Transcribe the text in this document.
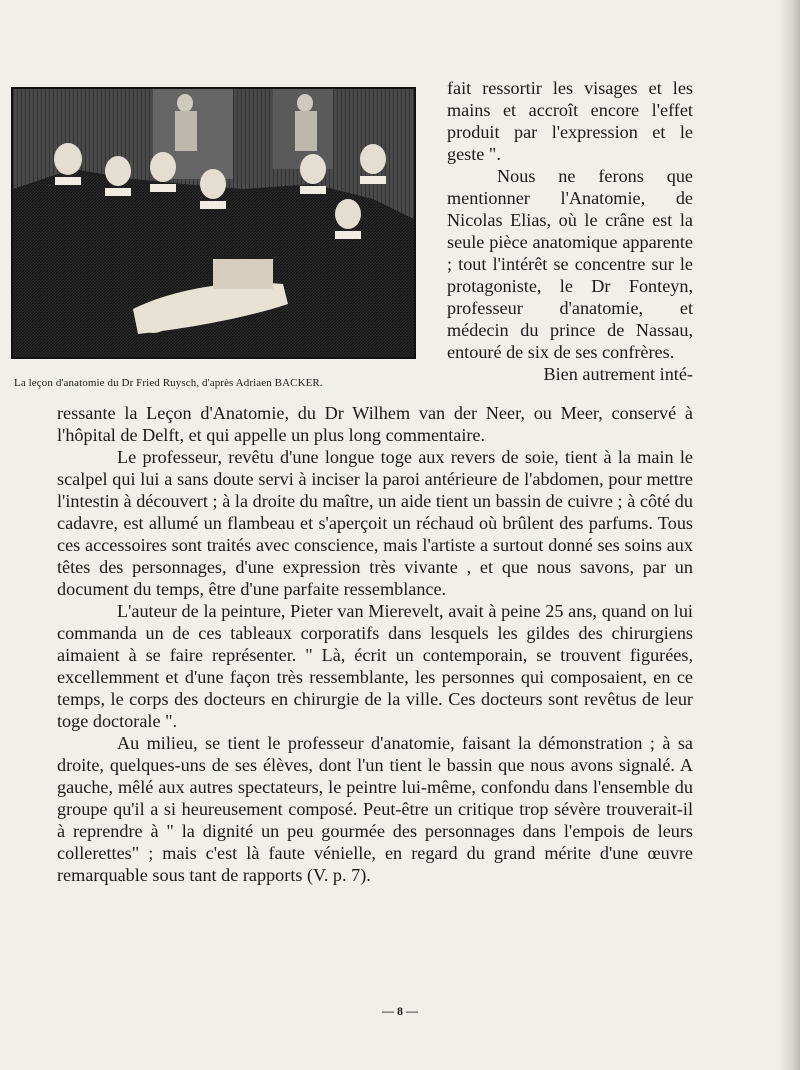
La leçon d'anatomie du Dr Fried Ruysch, d'après Adriaen BACKER.

fait ressortir les visages et les mains et accroît encore l'effet produit par l'expression et le geste ".

Nous ne ferons que mentionner l'Anatomie, de Nicolas Elias, où le crâne est la seule pièce anatomique apparente ; tout l'intérêt se concentre sur le protagoniste, le Dr Fonteyn, professeur d'anatomie, et médecin du prince de Nassau, entouré de six de ses confrères.

Bien autrement inté-

ressante la Leçon d'Anatomie, du Dr Wilhem van der Neer, ou Meer, conservé à l'hôpital de Delft, et qui appelle un plus long commentaire.

Le professeur, revêtu d'une longue toge aux revers de soie, tient à la main le scalpel qui lui a sans doute servi à inciser la paroi antérieure de l'abdomen, pour mettre l'intestin à découvert ; à la droite du maître, un aide tient un bassin de cuivre ; à côté du cadavre, est allumé un flambeau et s'aperçoit un réchaud où brûlent des parfums. Tous ces accessoires sont traités avec conscience, mais l'artiste a surtout donné ses soins aux têtes des personnages, d'une expression très vivante , et que nous savons, par un document du temps, être d'une parfaite ressemblance.

L'auteur de la peinture, Pieter van Mierevelt, avait à peine 25 ans, quand on lui commanda un de ces tableaux corporatifs dans lesquels les gildes des chirurgiens aimaient à se faire représenter. " Là, écrit un contemporain, se trouvent figurées, excellemment et d'une façon très ressemblante, les personnes qui composaient, en ce temps, le corps des docteurs en chirurgie de la ville. Ces docteurs sont revêtus de leur toge doctorale ".

Au milieu, se tient le professeur d'anatomie, faisant la démonstration ; à sa droite, quelques-uns de ses élèves, dont l'un tient le bassin que nous avons signalé. A gauche, mêlé aux autres spectateurs, le peintre lui-même, confondu dans l'ensemble du groupe qu'il a si heureusement composé. Peut-être un critique trop sévère trouverait-il à reprendre à " la dignité un peu gourmée des personnages dans l'empois de leurs collerettes" ; mais c'est là faute vénielle, en regard du grand mérite d'une œuvre remarquable sous tant de rapports (V. p. 7).

— 8 —
